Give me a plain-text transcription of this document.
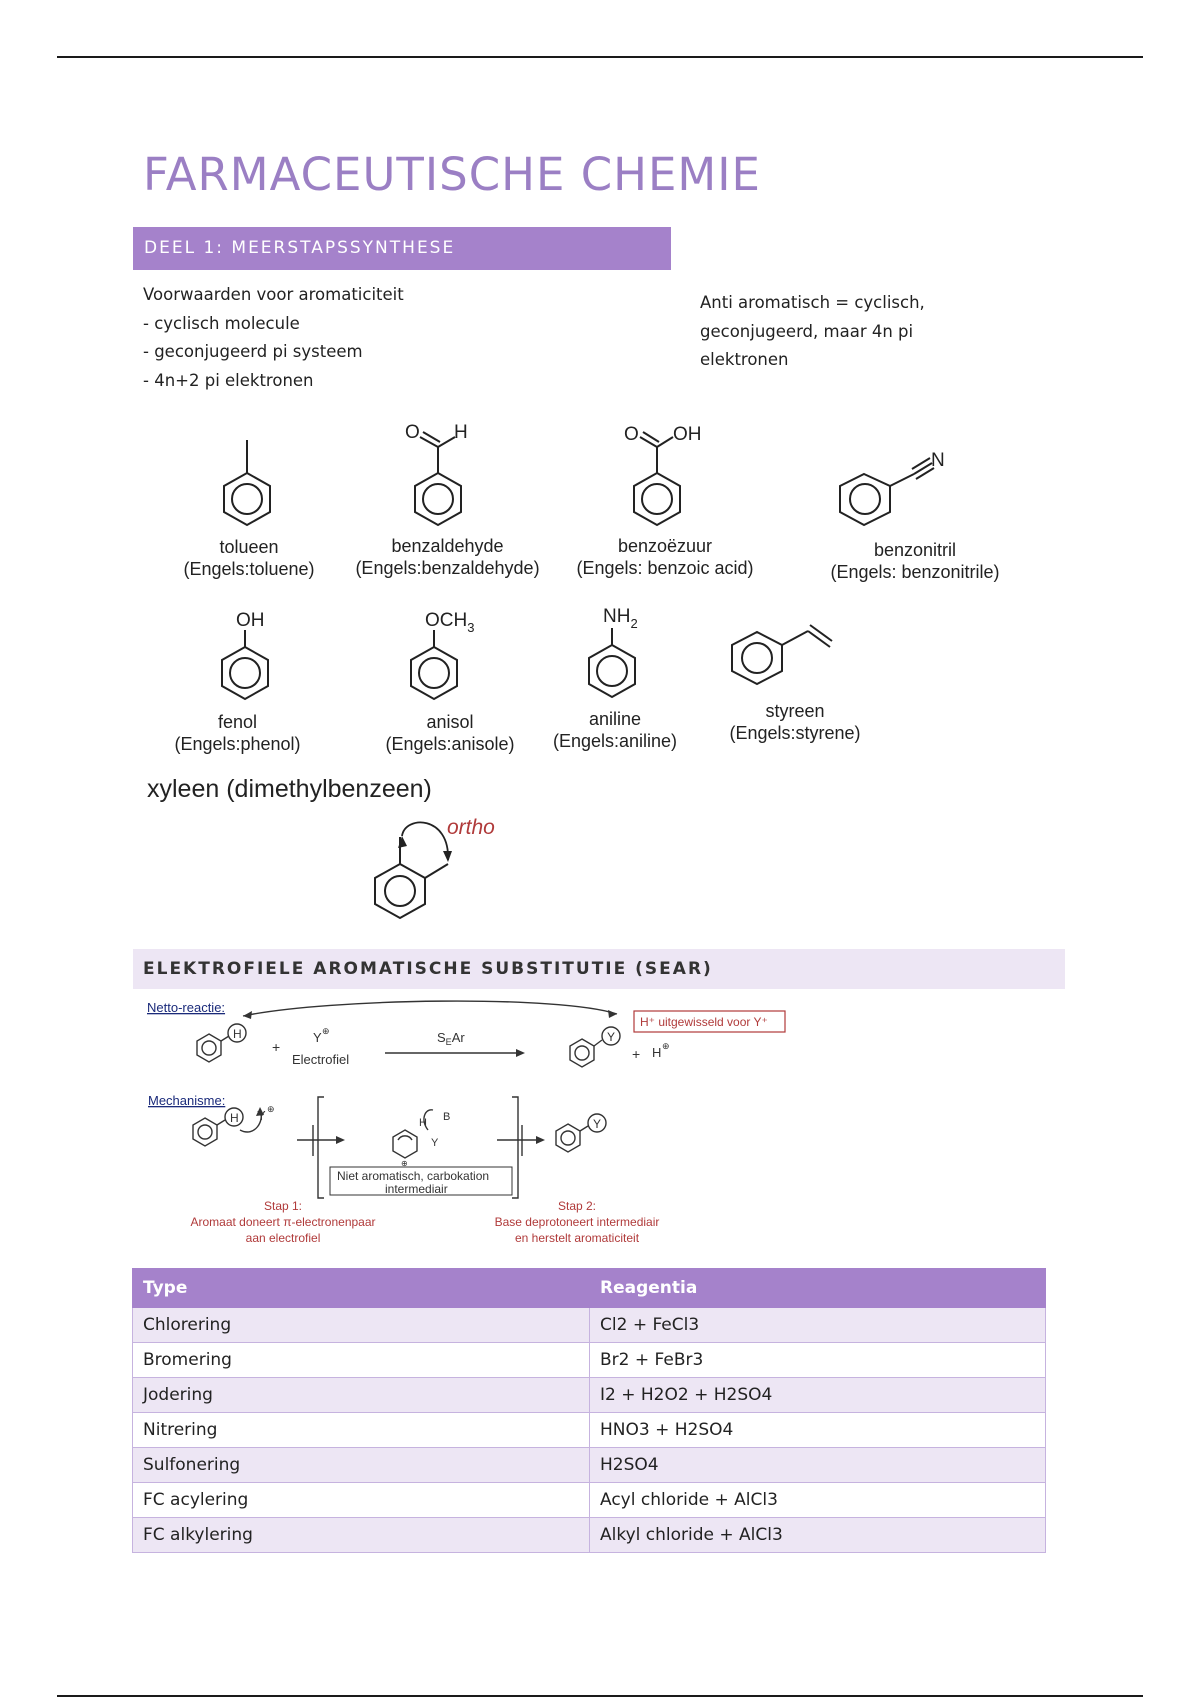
FARMACEUTISCHE CHEMIE
DEEL 1: MEERSTAPSSYNTHESE
Voorwaarden voor aromaticiteit
- cyclisch molecule
- geconjugeerd pi systeem
- 4n+2 pi elektronen
Anti aromatisch = cyclisch, geconjugeerd, maar 4n pi elektronen
O H	O OH
N
OH	$OCH_3$
$NH_2$
ortho
tolueen
(Engels:toluene)
benzaldehyde
(Engels:benzaldehyde)
benzoëzuur
(Engels: benzoic acid)
benzonitril
(Engels: benzonitrile)
fenol
(Engels:phenol)
anisol
(Engels:anisole)
aniline
(Engels:aniline)
styreen
(Engels:styrene)
xyleen (dimethylbenzeen)
ELEKTROFIELE AROMATISCHE SUBSTITUTIE (SEAR)
Netto-reactie:
H
+
Y ⊕
Electrofiel
$S_EAr$	Y
+ H ⊕
H⁺ uitgewisseld voor Y⁺
Mechanisme:
H Y ⊕
H
Y
B
⊕
Niet aromatisch, carbokation
intermediair
Y
Stap 1:
Aromaat doneert π-electronenpaar
aan electrofiel
Stap 2:
Base deprotoneert intermediair
en herstelt aromaticiteit
Type	Reagentia
Chlorering	Cl2 + FeCl3
Bromering	Br2 + FeBr3
Jodering	I2 + H2O2 + H2SO4
Nitrering	HNO3 + H2SO4
Sulfonering	H2SO4
FC acylering	Acyl chloride + AlCl3
FC alkylering	Alkyl chloride + AlCl3
